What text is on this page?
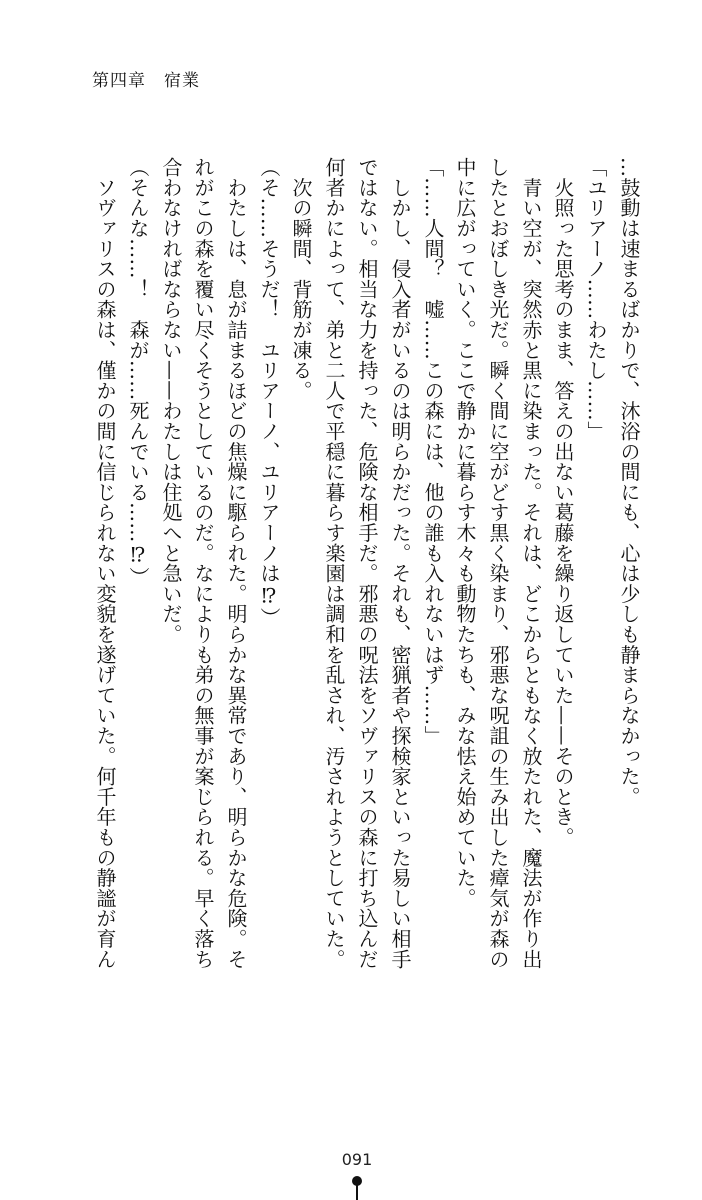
第四章　宿業
…鼓動は速まるばかりで、沐浴の間にも、心は少しも静まらなかった。
「ユリアーノ……わたし……」
　火照った思考のまま、答えの出ない葛藤を繰り返していた——そのとき。
　青い空が、突然赤と黒に染まった。それは、どこからともなく放たれた、魔法が作り出
したとおぼしき光だ。瞬く間に空がどす黒く染まり、邪悪な呪詛の生み出した瘴気が森の
中に広がっていく。ここで静かに暮らす木々も動物たちも、みな怯え始めていた。
「……人間？　嘘……この森には、他の誰も入れないはず……」
　しかし、侵入者がいるのは明らかだった。それも、密猟者や探検家といった易しい相手
ではない。相当な力を持った、危険な相手だ。邪悪の呪法をソヴァリスの森に打ち込んだ
何者かによって、弟と二人で平穏に暮らす楽園は調和を乱され、汚されようとしていた。
　次の瞬間、背筋が凍る。
（そ……そうだ！　ユリアーノ、ユリアーノは⁉）
　わたしは、息が詰まるほどの焦燥に駆られた。明らかな異常であり、明らかな危険。そ
れがこの森を覆い尽くそうとしているのだ。なによりも弟の無事が案じられる。早く落ち
合わなければならない——わたしは住処へと急いだ。
（そんな……！　森が……死んでいる……⁉）
　ソヴァリスの森は、僅かの間に信じられない変貌を遂げていた。何千年もの静謐が育ん
091
